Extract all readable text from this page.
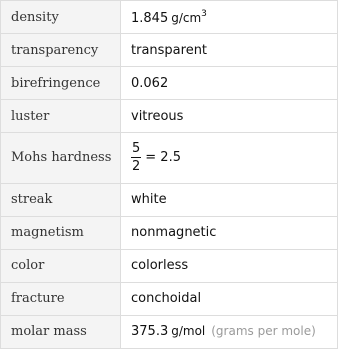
density	1.845 $g/cm^3$
transparency	transparent
birefringence	0.062
luster	vitreous
Mohs hardness	$\frac{5}{2} = 2.5$
streak	white
magnetism	nonmagnetic
color	colorless
fracture	conchoidal
molar mass	375.3 g/mol (grams per mole)
